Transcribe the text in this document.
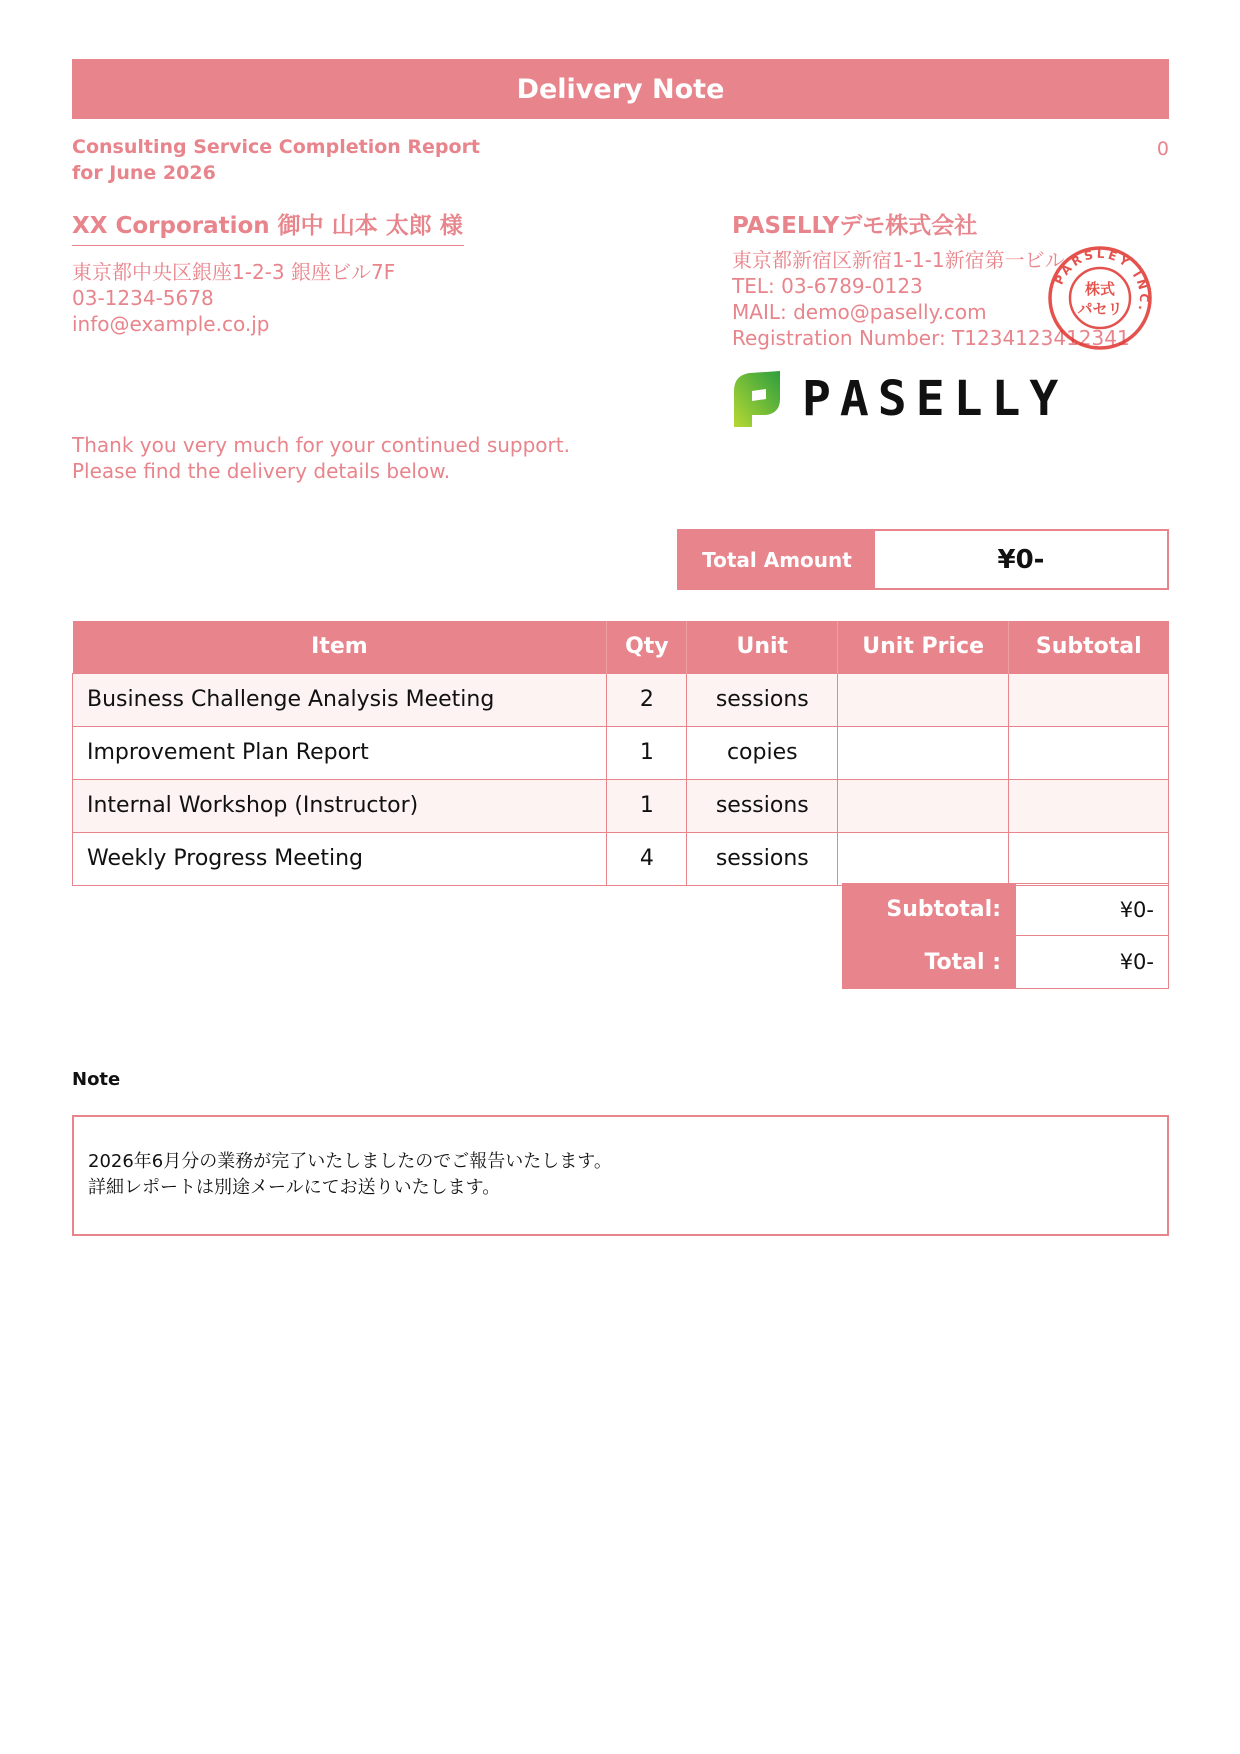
Delivery Note
Consulting Service Completion Report for June 2026
0
XX Corporation 御中 山本 太郎 様
東京都中央区銀座1-2-3 銀座ビル7F
03-1234-5678
info@example.co.jp
Thank you very much for your continued support.
Please find the delivery details below.
PASELLYデモ株式会社
東京都新宿区新宿1-1-1新宿第一ビル
TEL: 03-6789-0123
MAIL: demo@paselly.com
Registration Number: T1234123412341
PARSLEY INC.
株式
パセリ
PASELLY
Total Amount	¥0-
Item	Qty	Unit	Unit Price	Subtotal
Business Challenge Analysis Meeting	2	sessions		
Improvement Plan Report	1	copies		
Internal Workshop (Instructor)	1	sessions		
Weekly Progress Meeting	4	sessions		
Subtotal:	¥0-
Total :	¥0-
Note
2026年6月分の業務が完了いたしましたのでご報告いたします。
詳細レポートは別途メールにてお送りいたします。
